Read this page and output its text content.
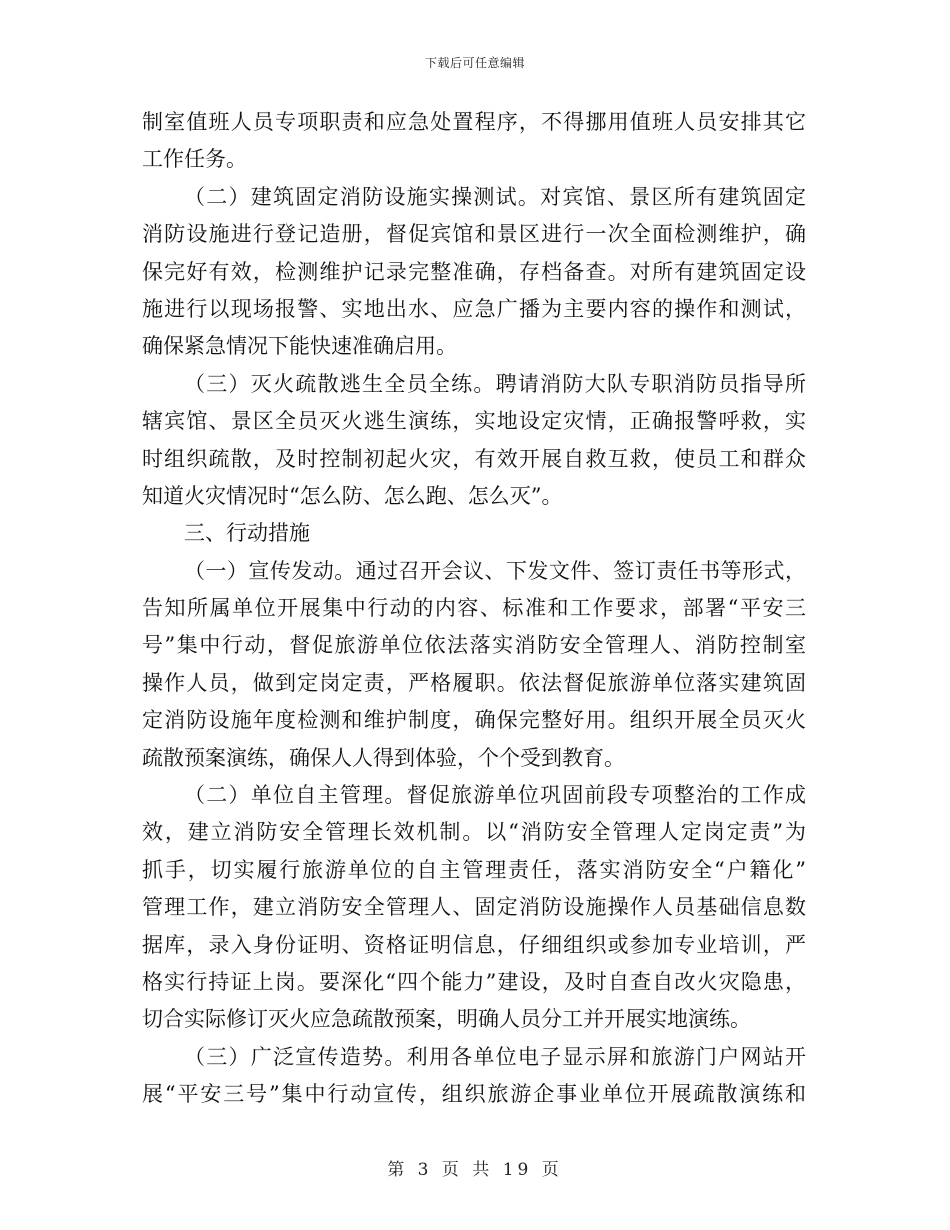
下载后可任意编辑
制室值班人员专项职责和应急处置程序，不得挪用值班人员安排其它
工作任务。
（二）建筑固定消防设施实操测试。对宾馆、景区所有建筑固定
消防设施进行登记造册，督促宾馆和景区进行一次全面检测维护，确
保完好有效，检测维护记录完整准确，存档备查。对所有建筑固定设
施进行以现场报警、实地出水、应急广播为主要内容的操作和测试，
确保紧急情况下能快速准确启用。
（三）灭火疏散逃生全员全练。聘请消防大队专职消防员指导所
辖宾馆、景区全员灭火逃生演练，实地设定灾情，正确报警呼救，实
时组织疏散，及时控制初起火灾，有效开展自救互救，使员工和群众
知道火灾情况时“怎么防、怎么跑、怎么灭”。
三、行动措施
（一）宣传发动。通过召开会议、下发文件、签订责任书等形式，
告知所属单位开展集中行动的内容、标准和工作要求，部署“平安三
号”集中行动，督促旅游单位依法落实消防安全管理人、消防控制室
操作人员，做到定岗定责，严格履职。依法督促旅游单位落实建筑固
定消防设施年度检测和维护制度，确保完整好用。组织开展全员灭火
疏散预案演练，确保人人得到体验，个个受到教育。
（二）单位自主管理。督促旅游单位巩固前段专项整治的工作成
效，建立消防安全管理长效机制。以“消防安全管理人定岗定责”为
抓手，切实履行旅游单位的自主管理责任，落实消防安全“户籍化”
管理工作，建立消防安全管理人、固定消防设施操作人员基础信息数
据库，录入身份证明、资格证明信息，仔细组织或参加专业培训，严
格实行持证上岗。要深化“四个能力”建设，及时自查自改火灾隐患，
切合实际修订灭火应急疏散预案，明确人员分工并开展实地演练。
（三）广泛宣传造势。利用各单位电子显示屏和旅游门户网站开
展“平安三号”集中行动宣传，组织旅游企事业单位开展疏散演练和
第 3 页 共 19 页
